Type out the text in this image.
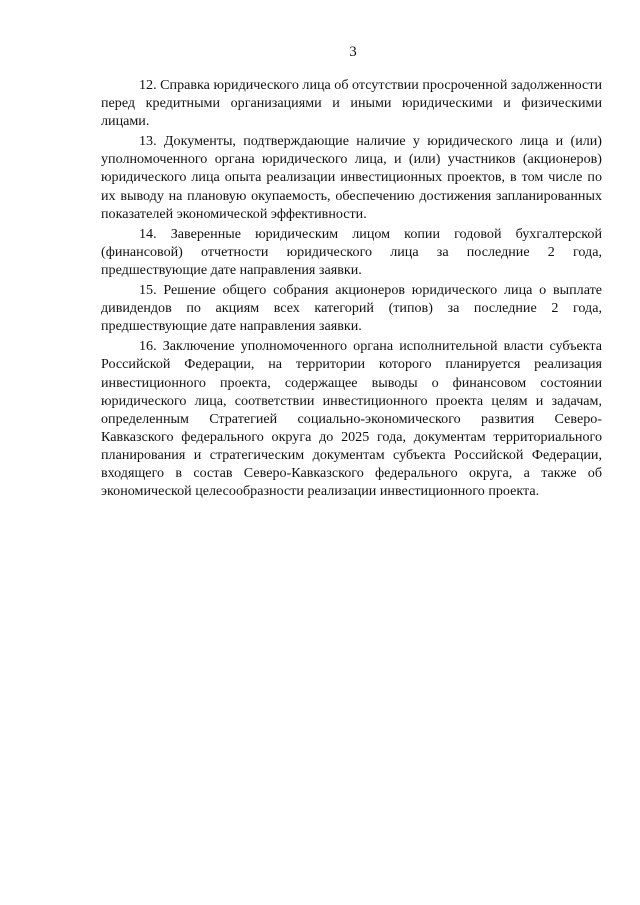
3

12. Справка юридического лица об отсутствии просроченной задолженности перед кредитными организациями и иными юридическими и физическими лицами.

13. Документы, подтверждающие наличие у юридического лица и (или) уполномоченного органа юридического лица, и (или) участников (акционеров) юридического лица опыта реализации инвестиционных проектов, в том числе по их выводу на плановую окупаемость, обеспечению достижения запланированных показателей экономической эффективности.

14. Заверенные юридическим лицом копии годовой бухгалтерской (финансовой) отчетности юридического лица за последние 2 года, предшествующие дате направления заявки.

15. Решение общего собрания акционеров юридического лица о выплате дивидендов по акциям всех категорий (типов) за последние 2 года, предшествующие дате направления заявки.

16. Заключение уполномоченного органа исполнительной власти субъекта Российской Федерации, на территории которого планируется реализация инвестиционного проекта, содержащее выводы о финансовом состоянии юридического лица, соответствии инвестиционного проекта целям и задачам, определенным Стратегией социально-экономического развития Северо-Кавказского федерального округа до 2025 года, документам территориального планирования и стратегическим документам субъекта Российской Федерации, входящего в состав Северо-Кавказского федерального округа, а также об экономической целесообразности реализации инвестиционного проекта.
